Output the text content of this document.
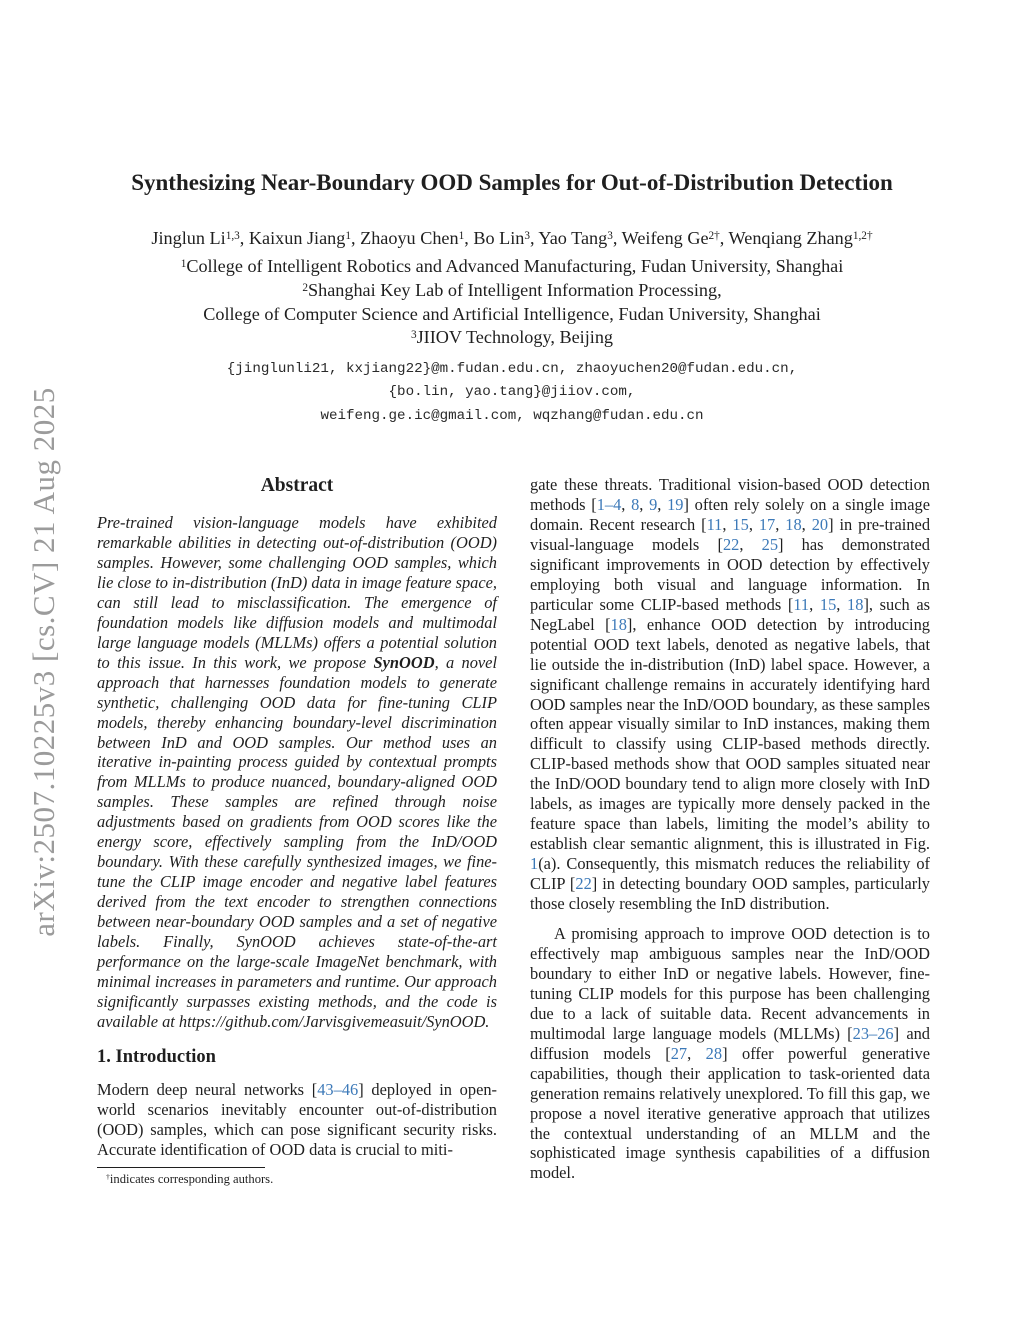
arXiv:2507.10225v3 [cs.CV] 21 Aug 2025
Synthesizing Near-Boundary OOD Samples for Out-of-Distribution Detection
Jinglun Li$^{1,3}$, Kaixun Jiang$^1$, Zhaoyu Chen$^1$, Bo Lin$^3$, Yao Tang$^3$, Weifeng $Ge^{2\dagger}$, Wenqiang Zhang$^{1,2\dagger}$
$^1$College of Intelligent Robotics and Advanced Manufacturing, Fudan University, Shanghai
$^2$Shanghai Key Lab of Intelligent Information Processing,
College of Computer Science and Artificial Intelligence, Fudan University, Shanghai
$^3$JIIOV Technology, Beijing
{jinglunli21, kxjiang22}@m.fudan.edu.cn, zhaoyuchen20@fudan.edu.cn,
{bo.lin, yao.tang}@jiiov.com,
weifeng.ge.ic@gmail.com, wqzhang@fudan.edu.cn
Abstract

Pre-trained vision-language models have exhibited remarkable abilities in detecting out-of-distribution (OOD) samples. However, some challenging OOD samples, which lie close to in-distribution (InD) data in image feature space, can still lead to misclassification. The emergence of foundation models like diffusion models and multimodal large language models (MLLMs) offers a potential solution to this issue. In this work, we propose SynOOD, a novel approach that harnesses foundation models to generate synthetic, challenging OOD data for fine-tuning CLIP models, thereby enhancing boundary-level discrimination between InD and OOD samples. Our method uses an iterative in-painting process guided by contextual prompts from MLLMs to produce nuanced, boundary-aligned OOD samples. These samples are refined through noise adjustments based on gradients from OOD scores like the energy score, effectively sampling from the InD/OOD boundary. With these carefully synthesized images, we fine-tune the CLIP image encoder and negative label features derived from the text encoder to strengthen connections between near-boundary OOD samples and a set of negative labels. Finally, SynOOD achieves state-of-the-art performance on the large-scale ImageNet benchmark, with minimal increases in parameters and runtime. Our approach significantly surpasses existing methods, and the code is available at https://github.com/Jarvisgivemeasuit/SynOOD.

1. Introduction

Modern deep neural networks [43–46] deployed in open-world scenarios inevitably encounter out-of-distribution (OOD) samples, which can pose significant security risks. Accurate identification of OOD data is crucial to miti-

†indicates corresponding authors.

gate these threats. Traditional vision-based OOD detection methods [1–4, 8, 9, 19] often rely solely on a single image domain. Recent research [11, 15, 17, 18, 20] in pre-trained visual-language models [22, 25] has demonstrated significant improvements in OOD detection by effectively employing both visual and language information. In particular some CLIP-based methods [11, 15, 18], such as NegLabel [18], enhance OOD detection by introducing potential OOD text labels, denoted as negative labels, that lie outside the in-distribution (InD) label space. However, a significant challenge remains in accurately identifying hard OOD samples near the InD/OOD boundary, as these samples often appear visually similar to InD instances, making them difficult to classify using CLIP-based methods directly. CLIP-based methods show that OOD samples situated near the InD/OOD boundary tend to align more closely with InD labels, as images are typically more densely packed in the feature space than labels, limiting the model’s ability to establish clear semantic alignment, this is illustrated in Fig. 1(a). Consequently, this mismatch reduces the reliability of CLIP [22] in detecting boundary OOD samples, particularly those closely resembling the InD distribution.

A promising approach to improve OOD detection is to effectively map ambiguous samples near the InD/OOD boundary to either InD or negative labels. However, fine-tuning CLIP models for this purpose has been challenging due to a lack of suitable data. Recent advancements in multimodal large language models (MLLMs) [23–26] and diffusion models [27, 28] offer powerful generative capabilities, though their application to task-oriented data generation remains relatively unexplored. To fill this gap, we propose a novel iterative generative approach that utilizes the contextual understanding of an MLLM and the sophisticated image synthesis capabilities of a diffusion model.
